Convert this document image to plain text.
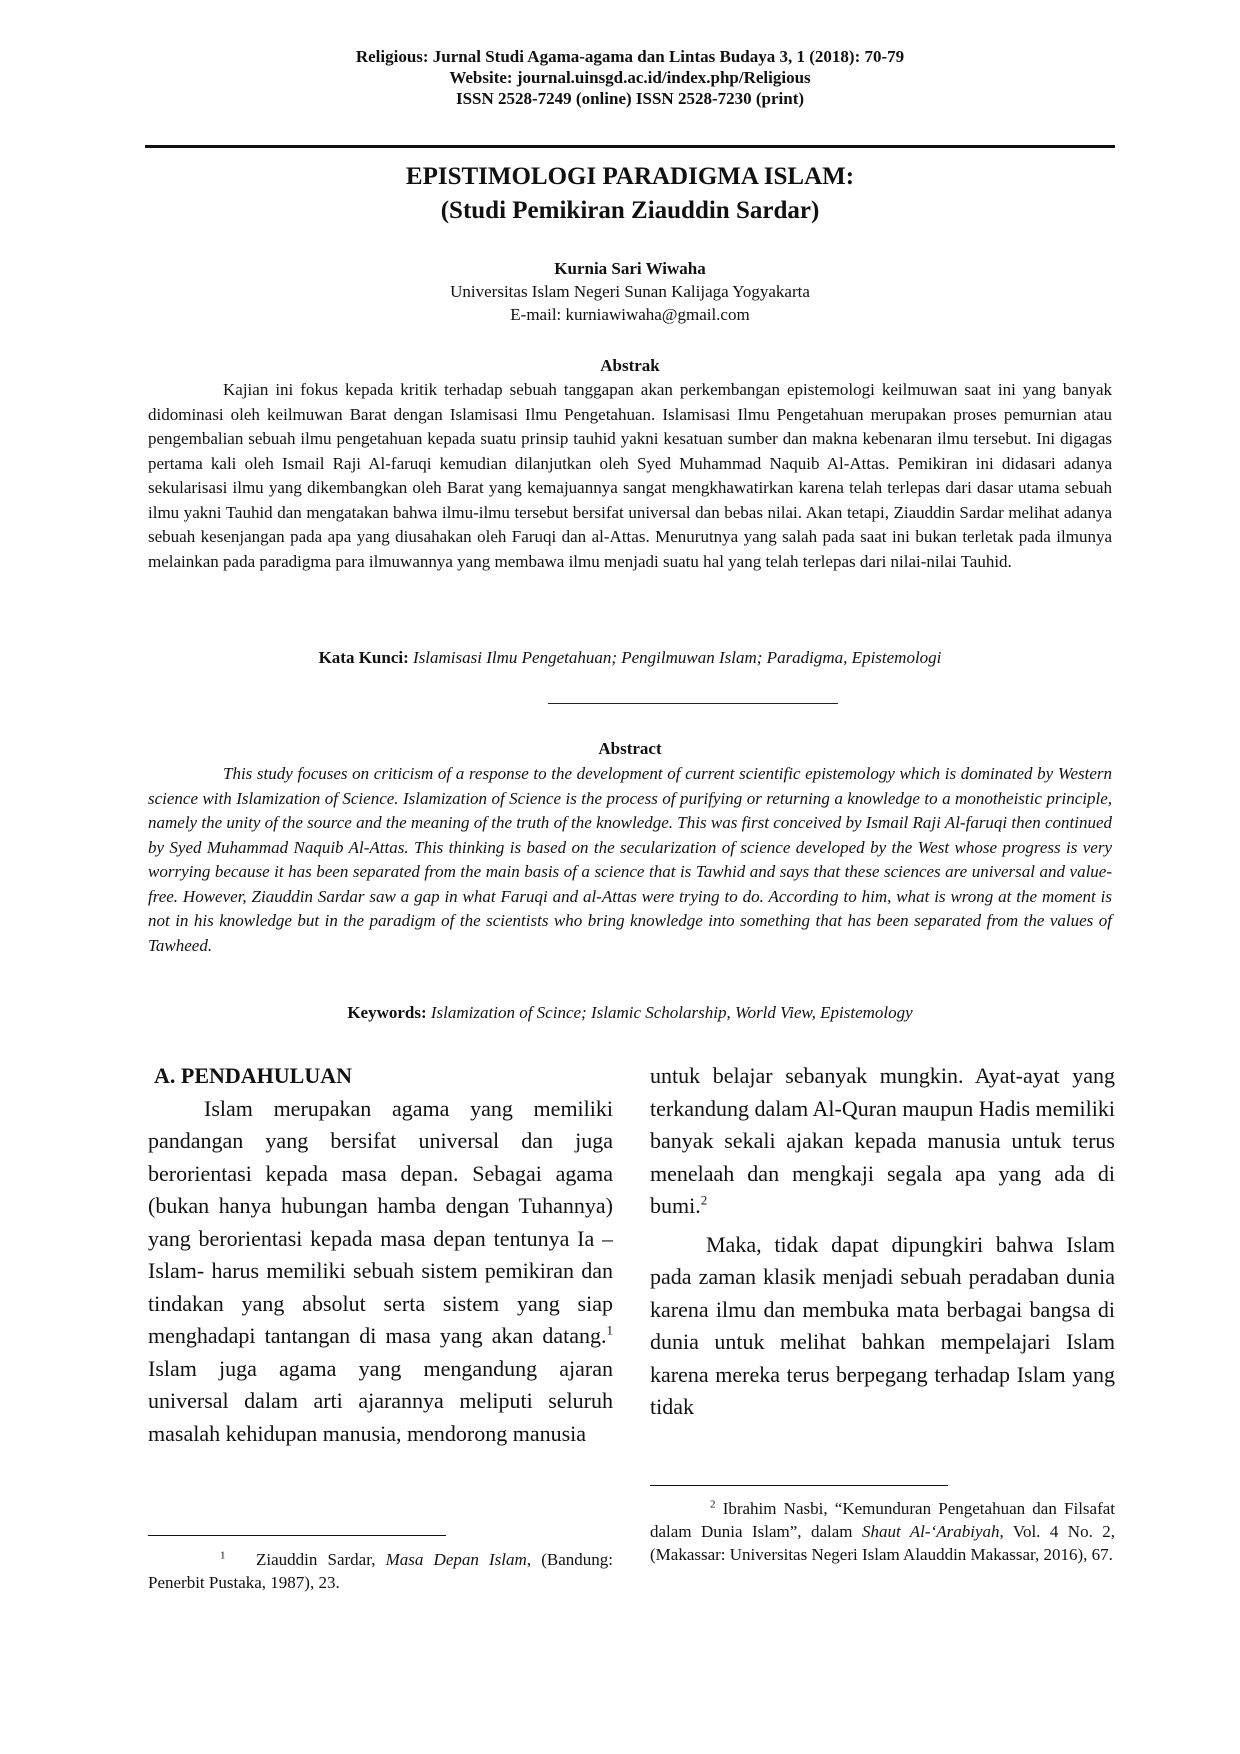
Religious: Jurnal Studi Agama-agama dan Lintas Budaya 3, 1 (2018): 70-79
Website: journal.uinsgd.ac.id/index.php/Religious
ISSN 2528-7249 (online) ISSN 2528-7230 (print)
EPISTIMOLOGI PARADIGMA ISLAM:
(Studi Pemikiran Ziauddin Sardar)
Kurnia Sari Wiwaha
Universitas Islam Negeri Sunan Kalijaga Yogyakarta
E-mail: kurniawiwaha@gmail.com
Abstrak
Kajian ini fokus kepada kritik terhadap sebuah tanggapan akan perkembangan epistemologi keilmuwan saat ini yang banyak didominasi oleh keilmuwan Barat dengan Islamisasi Ilmu Pengetahuan. Islamisasi Ilmu Pengetahuan merupakan proses pemurnian atau pengembalian sebuah ilmu pengetahuan kepada suatu prinsip tauhid yakni kesatuan sumber dan makna kebenaran ilmu tersebut. Ini digagas pertama kali oleh Ismail Raji Al-faruqi kemudian dilanjutkan oleh Syed Muhammad Naquib Al-Attas. Pemikiran ini didasari adanya sekularisasi ilmu yang dikembangkan oleh Barat yang kemajuannya sangat mengkhawatirkan karena telah terlepas dari dasar utama sebuah ilmu yakni Tauhid dan mengatakan bahwa ilmu-ilmu tersebut bersifat universal dan bebas nilai. Akan tetapi, Ziauddin Sardar melihat adanya sebuah kesenjangan pada apa yang diusahakan oleh Faruqi dan al-Attas. Menurutnya yang salah pada saat ini bukan terletak pada ilmunya melainkan pada paradigma para ilmuwannya yang membawa ilmu menjadi suatu hal yang telah terlepas dari nilai-nilai Tauhid.
Kata Kunci: Islamisasi Ilmu Pengetahuan; Pengilmuwan Islam; Paradigma, Epistemologi
Abstract
This study focuses on criticism of a response to the development of current scientific epistemology which is dominated by Western science with Islamization of Science. Islamization of Science is the process of purifying or returning a knowledge to a monotheistic principle, namely the unity of the source and the meaning of the truth of the knowledge. This was first conceived by Ismail Raji Al-faruqi then continued by Syed Muhammad Naquib Al-Attas. This thinking is based on the secularization of science developed by the West whose progress is very worrying because it has been separated from the main basis of a science that is Tawhid and says that these sciences are universal and value-free. However, Ziauddin Sardar saw a gap in what Faruqi and al-Attas were trying to do. According to him, what is wrong at the moment is not in his knowledge but in the paradigm of the scientists who bring knowledge into something that has been separated from the values of Tawheed.
Keywords: Islamization of Scince; Islamic Scholarship, World View, Epistemology
A. PENDAHULUAN

Islam merupakan agama yang memiliki pandangan yang bersifat universal dan juga berorientasi kepada masa depan. Sebagai agama (bukan hanya hubungan hamba dengan Tuhannya) yang berorientasi kepada masa depan tentunya Ia –Islam- harus memiliki sebuah sistem pemikiran dan tindakan yang absolut serta sistem yang siap menghadapi tantangan di masa yang akan datang.$^1$ Islam juga agama yang mengandung ajaran universal dalam arti ajarannya meliputi seluruh masalah kehidupan manusia, mendorong manusia

untuk belajar sebanyak mungkin. Ayat-ayat yang terkandung dalam Al-Quran maupun Hadis memiliki banyak sekali ajakan kepada manusia untuk terus menelaah dan mengkaji segala apa yang ada di bumi.$^2$

Maka, tidak dapat dipungkiri bahwa Islam pada zaman klasik menjadi sebuah peradaban dunia karena ilmu dan membuka mata berbagai bangsa di dunia untuk melihat bahkan mempelajari Islam karena mereka terus berpegang terhadap Islam yang tidak

$^1$ Ziauddin Sardar, Masa Depan Islam, (Bandung: Penerbit Pustaka, 1987), 23.
$^2$ Ibrahim Nasbi, “Kemunduran Pengetahuan dan Filsafat dalam Dunia Islam”, dalam Shaut Al-‘Arabiyah, Vol. 4 No. 2, (Makassar: Universitas Negeri Islam Alauddin Makassar, 2016), 67.
